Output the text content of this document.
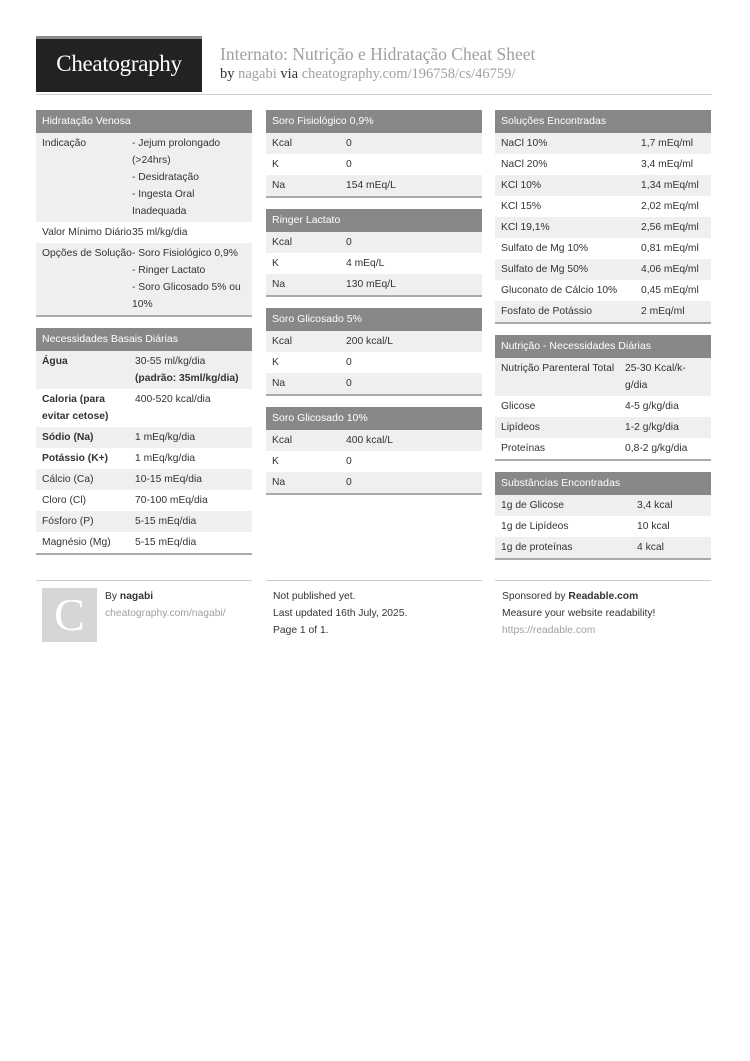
Cheatography	Internato: Nutrição e Hidratação Cheat Sheet
by nagabi via cheatography.com/196758/cs/46759/
Hidratação Venosa
Indicação	- Jejum prolongado (>24hrs)
- Desidratação
- Ingesta Oral Inadequada
Valor Mínimo Diário 35 ml/kg/dia
Opções de Solução - Soro Fisiológico 0,9%
- Ringer Lactato
- Soro Glicosado 5% ou 10%
Necessidades Basais Diárias
Água	30-55 ml/kg/dia
(padrão: 35ml/kg/dia)
Caloria (para evitar cetose)
400-520 kcal/dia
Sódio (Na)	1 mEq/kg/dia
Potássio (K+)	1 mEq/kg/dia
Cálcio (Ca)	10-15 mEq/dia
Cloro (Cl)	70-100 mEq/dia
Fósforo (P)	5-15 mEq/dia
Magnésio (Mg)	5-15 mEq/dia
Soro Fisiológico 0,9%
Kcal	0
K	0
Na	154 mEq/L
Ringer Lactato
Kcal	0
K	4 mEq/L
Na	130 mEq/L
Soro Glicosado 5%
Kcal	200 kcal/L
K	0
Na	0
Soro Glicosado 10%
Kcal	400 kcal/L
K	0
Na	0
Soluções Encontradas
NaCl 10%	1,7 mEq/ml
NaCl 20%	3,4 mEq/ml
KCl 10%	1,34 mEq/ml
KCl 15%	2,02 mEq/ml
KCl 19,1%	2,56 mEq/ml
Sulfato de Mg 10%	0,81 mEq/ml
Sulfato de Mg 50%	4,06 mEq/ml
Gluconato de Cálcio 10%	0,45 mEq/ml
Fosfato de Potássio	2 mEq/ml
Nutrição - Necessidades Diárias
Nutrição Parenteral Total	25-30 Kcal/k-g/dia
Glicose	4-5 g/kg/dia
Lipídeos	1-2 g/kg/dia
Proteínas	0,8-2 g/kg/dia
Substâncias Encontradas
1g de Glicose	3,4 kcal
1g de Lipídeos	10 kcal
1g de proteínas	4 kcal
C	By nagabi
cheatography.com/nagabi/
Not published yet.
Last updated 16th July, 2025.
Page 1 of 1.
Sponsored by Readable.com
Measure your website readability!
https://readable.com
